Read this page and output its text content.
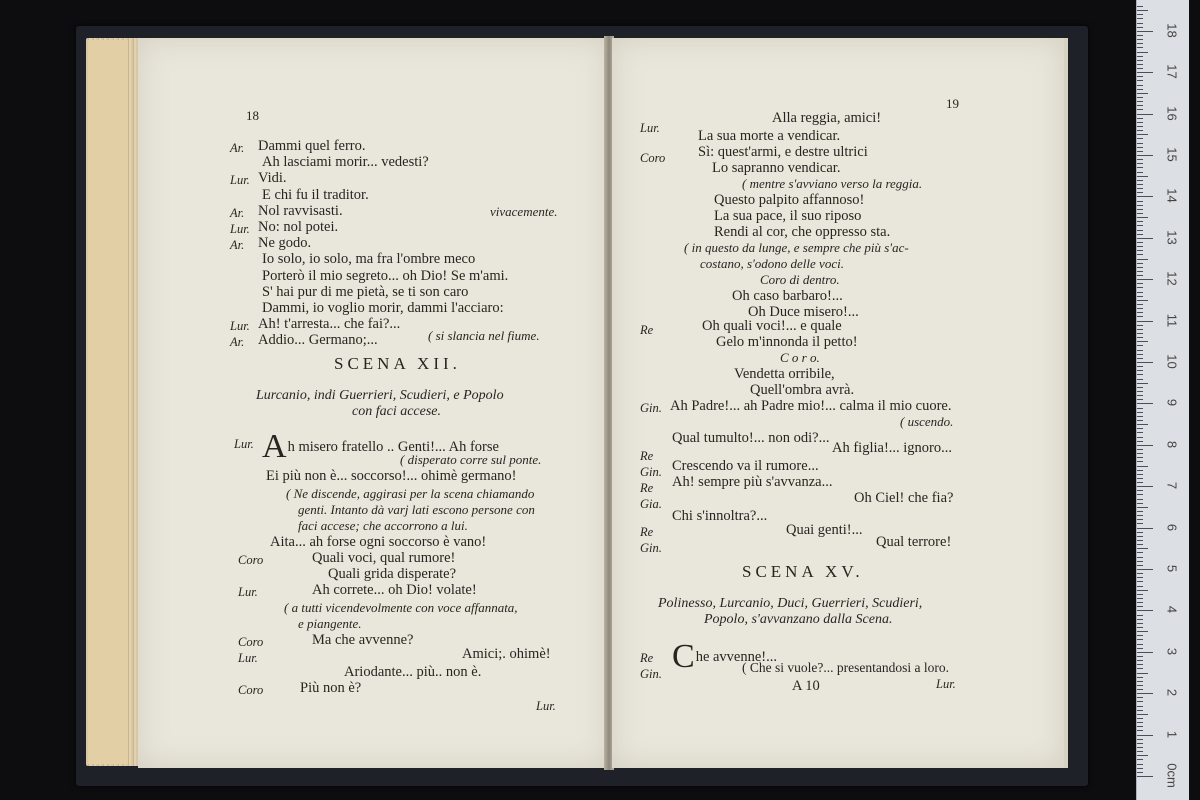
18
Ar. Dammi quel ferro.
Ah lasciami morir... vedesti?
Lur. Vidi.
E chi fu il traditor.
Ar. Nol ravvisasti.	vivacemente.
Lur. No: nol potei.
Ar. Ne godo.
Io solo, io solo, ma fra l'ombre meco
Porterò il mio segreto... oh Dio! Se m'ami.
S' hai pur di me pietà, se ti son caro
Dammi, io voglio morir, dammi l'acciaro:
Lur. Ah! t'arresta... che fai?...
Ar. Addio... Germano;...	( si slancia nel fiume.
SCENA XII.
Lurcanio, indi Guerrieri, Scudieri, e Popolo
con faci accese.
Lur. Ah misero fratello .. Genti!... Ah forse
( disperato corre sul ponte.
Ei più non è... soccorso!... ohimè germano!
( Ne discende, aggirasi per la scena chiamando
genti. Intanto dà varj lati escono persone con
faci accese; che accorrono a lui.
Aita... ah forse ogni soccorso è vano!
Coro	Quali voci, qual rumore!
Quali grida disperate?
Lur.	Ah correte... oh Dio! volate!
( a tutti vicendevolmente con voce affannata,
e piangente.
Coro	Ma che avvenne?
Lur.	Amici;. ohimè!
Ariodante... più.. non è.
Coro	Più non è?
Lur.
19
Lur.
Alla reggia, amici!
La sua morte a vendicar.
Coro Sì: quest'armi, e destre ultrici
Lo sapranno vendicar.
( mentre s'avviano verso la reggia.
Questo palpito affannoso!
La sua pace, il suo riposo
Rendi al cor, che oppresso sta.
( in questo da lunge, e sempre che più s'ac-
costano, s'odono delle voci.
Coro di dentro.
Oh caso barbaro!...
Oh Duce misero!...
Re	Oh quali voci!... e quale
Gelo m'innonda il petto!
C o r o.
Vendetta orribile,
Quell'ombra avrà.
Gin. Ah Padre!... ah Padre mio!... calma il mio cuore.
( uscendo.
Qual tumulto!... non odi?...
Re	Ah figlia!... ignoro...
Gin. Crescendo va il rumore...
Re Ah! sempre più s'avvanza...
Gia.	Oh Ciel! che fia?
Chi s'innoltra?...
Re	Quai genti!...
Gin.	Qual terrore!
SCENA XV.
Polinesso, Lurcanio, Duci, Guerrieri, Scudieri,
Popolo, s'avvanzano dalla Scena.
Re Che avvenne!...
Gin.	( Che si vuole?... presentandosi a loro.
A 10	Lur.
0cm
1
2
3
4
5
6
7
8
9
10
11
12
13
14
15
16
17
18
